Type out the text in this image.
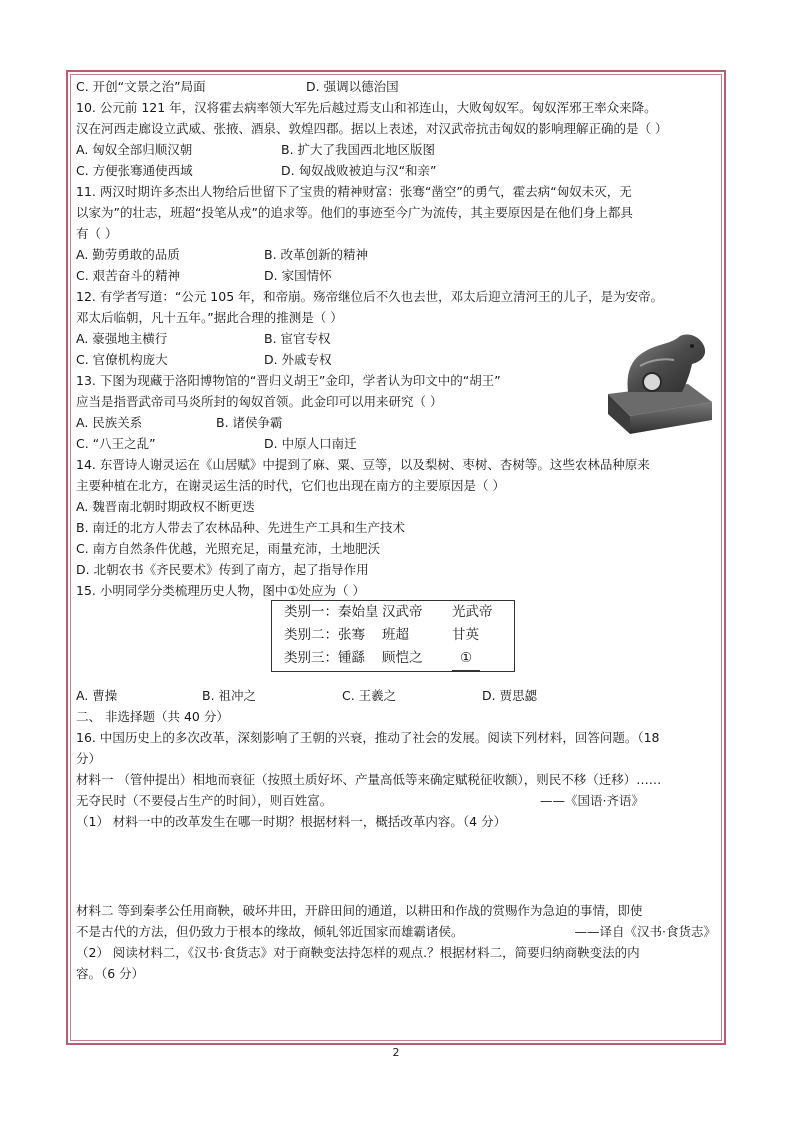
C. 开创“文景之治”局面	D. 强调以德治国
10. 公元前 121 年，汉将霍去病率领大军先后越过焉支山和祁连山，大败匈奴军。匈奴浑邪王率众来降。
汉在河西走廊设立武威、张掖、酒泉、敦煌四郡。据以上表述，对汉武帝抗击匈奴的影响理解正确的是（ ）
A. 匈奴全部归顺汉朝	B. 扩大了我国西北地区版图
C. 方便张骞通使西域	D. 匈奴战败被迫与汉“和亲”
11. 两汉时期许多杰出人物给后世留下了宝贵的精神财富：张骞“凿空”的勇气，霍去病“匈奴未灭，无
以家为”的壮志，班超“投笔从戎”的追求等。他们的事迹至今广为流传，其主要原因是在他们身上都具
有（ ）
A. 勤劳勇敢的品质	B. 改革创新的精神
C. 艰苦奋斗的精神	D. 家国情怀
12. 有学者写道：“公元 105 年，和帝崩。殇帝继位后不久也去世，邓太后迎立清河王的儿子，是为安帝。
邓太后临朝，凡十五年。”据此合理的推测是（ ）
A. 豪强地主横行	B. 宦官专权
C. 官僚机构庞大	D. 外戚专权
13. 下图为现藏于洛阳博物馆的“晋归义胡王”金印，学者认为印文中的“胡王”
应当是指晋武帝司马炎所封的匈奴首领。此金印可以用来研究（ ）
A. 民族关系	B. 诸侯争霸
C. “八王之乱”	D. 中原人口南迁
14. 东晋诗人谢灵运在《山居赋》中提到了麻、粟、豆等，以及梨树、枣树、杏树等。这些农林品种原来
主要种植在北方，在谢灵运生活的时代，它们也出现在南方的主要原因是（ ）
A. 魏晋南北朝时期政权不断更迭
B. 南迁的北方人带去了农林品种、先进生产工具和生产技术
C. 南方自然条件优越，光照充足，雨量充沛，土地肥沃
D. 北朝农书《齐民要术》传到了南方，起了指导作用
15. 小明同学分类梳理历史人物，图中①处应为（ ）
A. 曹操	B. 祖冲之	C. 王羲之	D. 贾思勰
二、 非选择题（共 40 分）
16. 中国历史上的多次改革，深刻影响了王朝的兴衰，推动了社会的发展。阅读下列材料，回答问题。（18
分）
材料一 （管仲提出）相地而衰征（按照土质好坏、产量高低等来确定赋税征收额），则民不移（迁移）……
无夺民时（不要侵占生产的时间），则百姓富。	——《国语·齐语》
（1） 材料一中的改革发生在哪一时期？根据材料一，概括改革内容。（4 分）
材料二 等到秦孝公任用商鞅，破坏井田，开辟田间的通道，以耕田和作战的赏赐作为急迫的事情，即使
不是古代的方法，但仍致力于根本的缘故，倾轧邻近国家而雄霸诸侯。	——译自《汉书·食货志》
（2） 阅读材料二，《汉书·食货志》对于商鞅变法持怎样的观点.？根据材料二，简要归纳商鞅变法的内
容。（6 分）
类别一：秦始皇 汉武帝	光武帝
类别二：张骞	班超	甘英
类别三：锺繇	顾恺之	①
2
